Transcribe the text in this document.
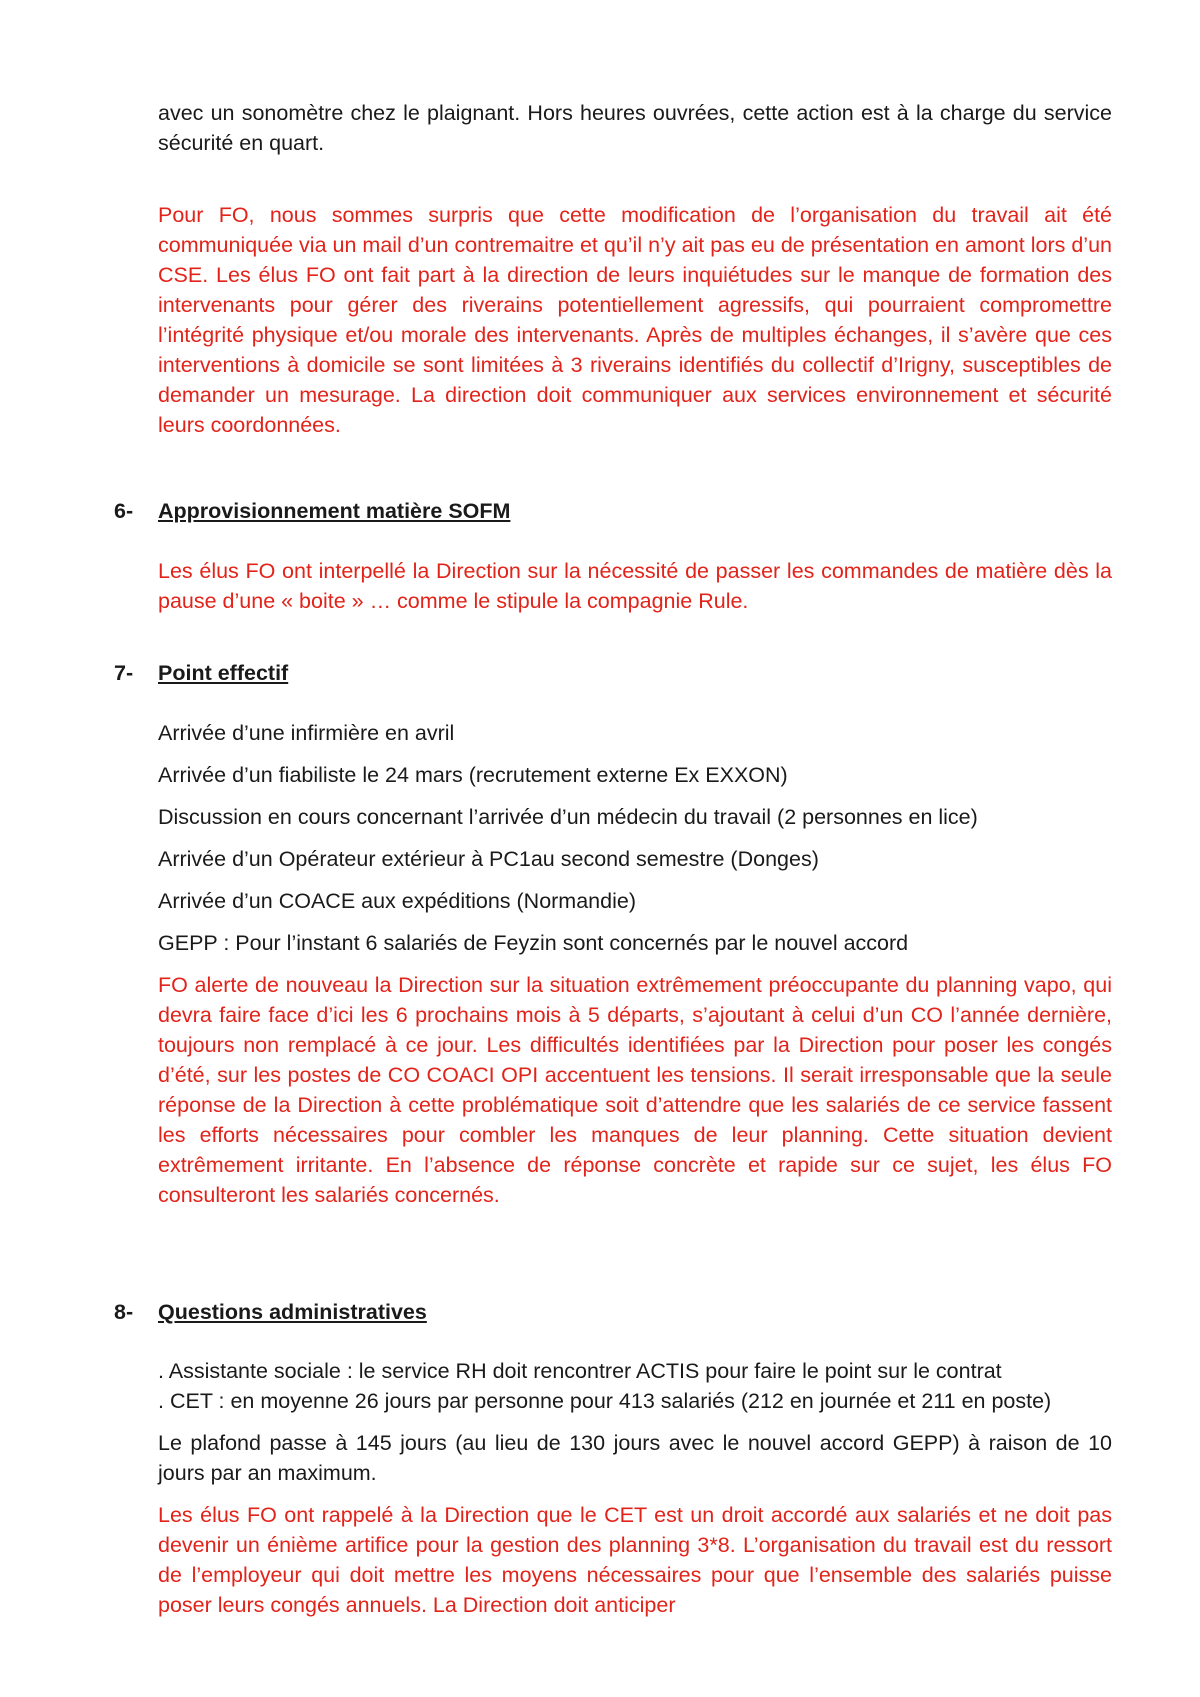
avec un sonomètre chez le plaignant. Hors heures ouvrées, cette action est à la charge du service sécurité en quart.

Pour FO, nous sommes surpris que cette modification de l’organisation du travail ait été communiquée via un mail d’un contremaitre et qu’il n’y ait pas eu de présentation en amont lors d’un CSE. Les élus FO ont fait part à la direction de leurs inquiétudes sur le manque de formation des intervenants pour gérer des riverains potentiellement agressifs, qui pourraient compromettre l’intégrité physique et/ou morale des intervenants. Après de multiples échanges, il s’avère que ces interventions à domicile se sont limitées à 3 riverains identifiés du collectif d’Irigny, susceptibles de demander un mesurage. La direction doit communiquer aux services environnement et sécurité leurs coordonnées.

6- Approvisionnement matière SOFM

Les élus FO ont interpellé la Direction sur la nécessité de passer les commandes de matière dès la pause d’une « boite » … comme le stipule la compagnie Rule.

7- Point effectif

Arrivée d’une infirmière en avril

Arrivée d’un fiabiliste le 24 mars (recrutement externe Ex EXXON)

Discussion en cours concernant l’arrivée d’un médecin du travail (2 personnes en lice)

Arrivée d’un Opérateur extérieur à PC1au second semestre (Donges)

Arrivée d’un COACE aux expéditions (Normandie)

GEPP : Pour l’instant 6 salariés de Feyzin sont concernés par le nouvel accord

FO alerte de nouveau la Direction sur la situation extrêmement préoccupante du planning vapo, qui devra faire face d’ici les 6 prochains mois à 5 départs, s’ajoutant à celui d’un CO l’année dernière, toujours non remplacé à ce jour. Les difficultés identifiées par la Direction pour poser les congés d’été, sur les postes de CO COACI OPI accentuent les tensions. Il serait irresponsable que la seule réponse de la Direction à cette problématique soit d’attendre que les salariés de ce service fassent les efforts nécessaires pour combler les manques de leur planning. Cette situation devient extrêmement irritante. En l’absence de réponse concrète et rapide sur ce sujet, les élus FO consulteront les salariés concernés.

8- Questions administratives

. Assistante sociale : le service RH doit rencontrer ACTIS pour faire le point sur le contrat

. CET : en moyenne 26 jours par personne pour 413 salariés (212 en journée et 211 en poste)

Le plafond passe à 145 jours (au lieu de 130 jours avec le nouvel accord GEPP) à raison de 10 jours par an maximum.

Les élus FO ont rappelé à la Direction que le CET est un droit accordé aux salariés et ne doit pas devenir un énième artifice pour la gestion des planning 3*8. L’organisation du travail est du ressort de l’employeur qui doit mettre les moyens nécessaires pour que l’ensemble des salariés puisse poser leurs congés annuels. La Direction doit anticiper
